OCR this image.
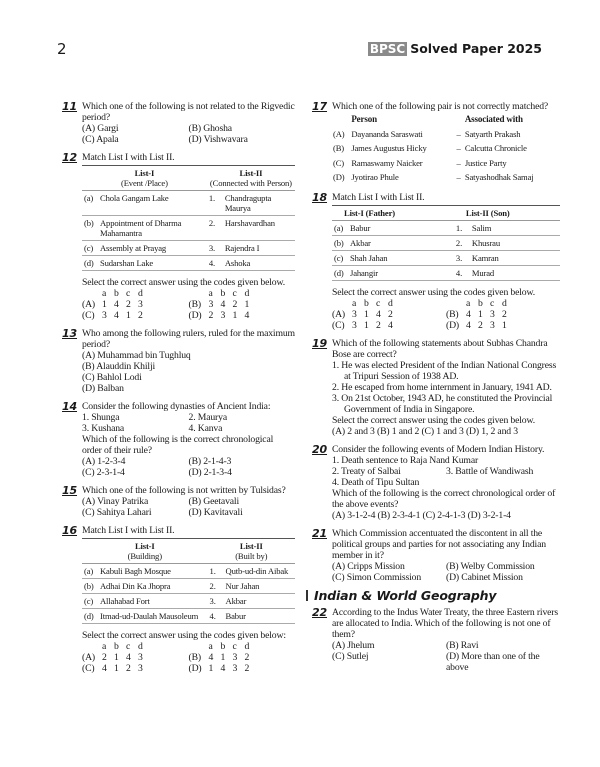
2	BPSC Solved Paper 2025
11 Which one of the following is not related to the Rigvedic period?
(A) Gargi	(B) Ghosha
(C) Apala	(D) Vishwavara
12 Match List I with List II.
List-I
(Event /Place)		List-II
(Connected with Person)	

(a)	Chola Gangam Lake	1.	Chandragupta Maurya
(b)	Appointment of Dharma Mahamantra	2.	Harshavardhan
(c)	Assembly at Prayag	3.	Rajendra I
(d)	Sudarshan Lake	4.	Ashoka
Select the correct answer using the codes given below.
a b c d	a b c d
(A) 1 4 2 3	(B) 3 4 2 1
(C) 3 4 1 2	(D) 2 3 1 4
13 Who among the following rulers, ruled for the maximum period?
(A) Muhammad bin Tughluq
(B) Alauddin Khilji
(C) Bahlol Lodi
(D) Balban
14 Consider the following dynasties of Ancient India:
1. Shunga	2. Maurya
3. Kushana	4. Kanva
Which of the following is the correct chronological order of their rule?
(A) 1-2-3-4	(B) 2-1-4-3
(C) 2-3-1-4	(D) 2-1-3-4
15 Which one of the following is not written by Tulsidas?
(A) Vinay Patrika	(B) Geetavali
(C) Sahitya Lahari	(D) Kavitavali
16 Match List I with List II.
List-I
(Building)		List-II
(Built by)	

(a)	Kabuli Bagh Mosque	1.	Qutb-ud-din Aibak
(b)	Adhai Din Ka Jhopra	2.	Nur Jahan
(c)	Allahabad Fort	3.	Akbar
(d)	Itmad-ud-Daulah Mausoleum	4.	Babur
Select the correct answer using the codes given below:
a b c d	a b c d
(A) 2 1 4 3	(B) 4 1 3 2
(C) 4 1 2 3	(D) 1 4 3 2
17 Which one of the following pair is not correctly matched?
	Person		Associated with
(A)	Dayananda Saraswati	–	Satyarth Prakash
(B)	James Augustus Hicky	–	Calcutta Chronicle
(C)	Ramaswamy Naicker	–	Justice Party
(D)	Jyotirao Phule	–	Satyashodhak Samaj
18 Match List I with List II.
List-I (Father)		List-II (Son)	
(a)	Babur	1.	Salim
(b)	Akbar	2.	Khusrau
(c)	Shah Jahan	3.	Kamran
(d)	Jahangir	4.	Murad
Select the correct answer using the codes given below.
a b c d	a b c d
(A) 3 1 4 2	(B) 4 1 3 2
(C) 3 1 2 4	(D) 4 2 3 1
19 Which of the following statements about Subhas Chandra Bose are correct?
1. He was elected President of the Indian National Congress at Tripuri Session of 1938 AD.
2. He escaped from home internment in January, 1941 AD.
3. On 21st October, 1943 AD, he constituted the Provincial Government of India in Singapore.
Select the correct answer using the codes given below.
(A) 2 and 3 (B) 1 and 2 (C) 1 and 3 (D) 1, 2 and 3
20 Consider the following events of Modern Indian History.
1. Death sentence to Raja Nand Kumar
2. Treaty of Salbai	3. Battle of Wandiwash
4. Death of Tipu Sultan
Which of the following is the correct chronological order of the above events?
(A) 3-1-2-4 (B) 2-3-4-1 (C) 2-4-1-3 (D) 3-2-1-4
21 Which Commission accentuated the discontent in all the political groups and parties for not associating any Indian member in it?
(A) Cripps Mission	(B) Welby Commission
(C) Simon Commission	(D) Cabinet Mission
Indian & World Geography
22 According to the Indus Water Treaty, the three Eastern rivers are allocated to India. Which of the following is not one of them?
(A) Jhelum	(B) Ravi
(C) Sutlej	(D) More than one of the above
